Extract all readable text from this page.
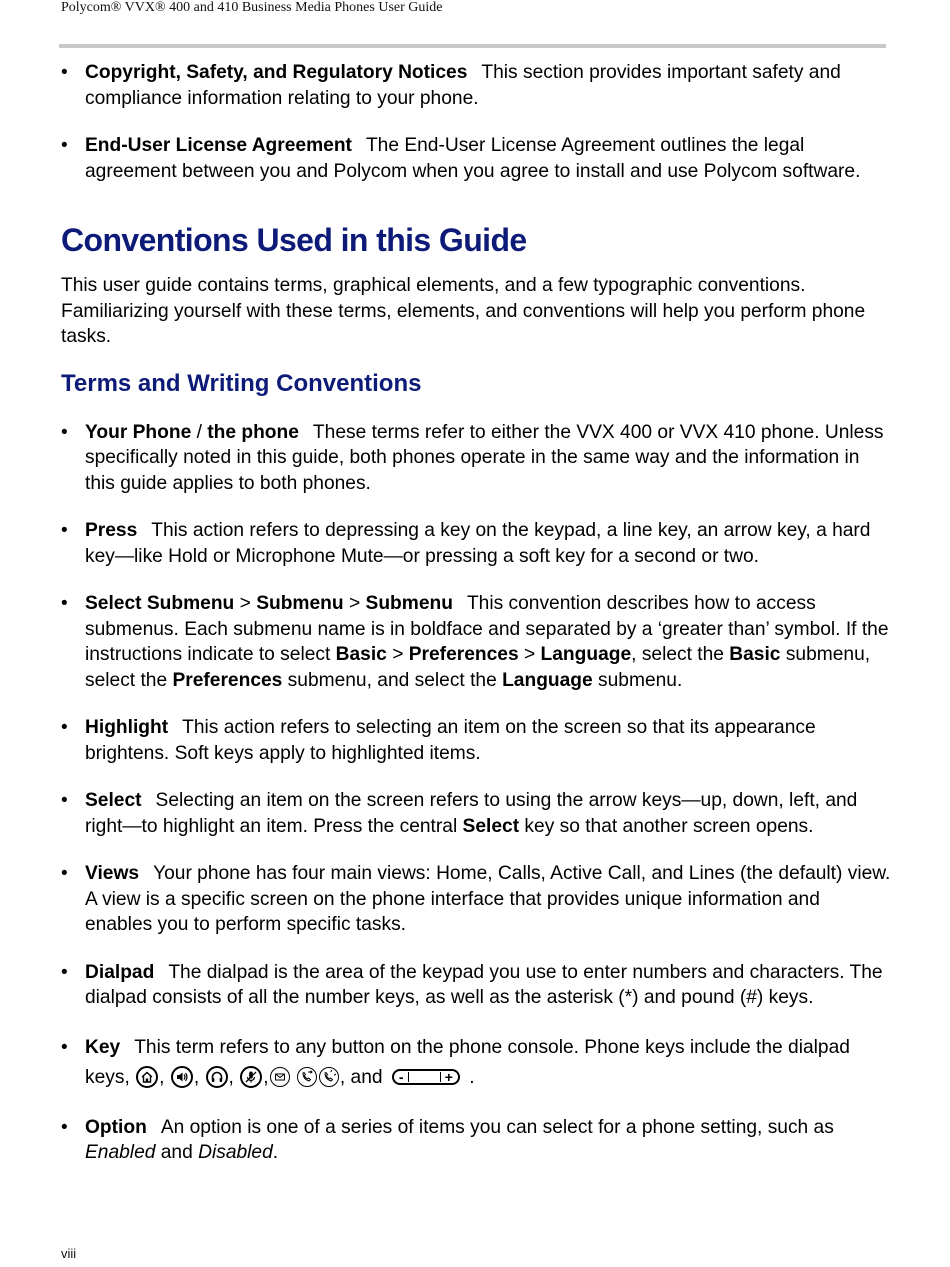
Polycom® VVX® 400 and 410 Business Media Phones User Guide
• Copyright, Safety, and Regulatory Notices This section provides important safety and compliance information relating to your phone.
• End-User License Agreement The End-User License Agreement outlines the legal agreement between you and Polycom when you agree to install and use Polycom software.
Conventions Used in this Guide

This user guide contains terms, graphical elements, and a few typographic conventions. Familiarizing yourself with these terms, elements, and conventions will help you perform phone tasks.

Terms and Writing Conventions
• Your Phone / the phone These terms refer to either the VVX 400 or VVX 410 phone. Unless specifically noted in this guide, both phones operate in the same way and the information in this guide applies to both phones.
• Press This action refers to depressing a key on the keypad, a line key, an arrow key, a hard key—like Hold or Microphone Mute—or pressing a soft key for a second or two.
• Select Submenu > Submenu > Submenu This convention describes how to access submenus. Each submenu name is in boldface and separated by a ‘greater than’ symbol. If the instructions indicate to select Basic > Preferences > Language, select the Basic submenu, select the Preferences submenu, and select the Language submenu.
• Highlight This action refers to selecting an item on the screen so that its appearance brightens. Soft keys apply to highlighted items.
• Select Selecting an item on the screen refers to using the arrow keys—up, down, left, and right—to highlight an item. Press the central Select key so that another screen opens.
• Views Your phone has four main views: Home, Calls, Active Call, and Lines (the default) view. A view is a specific screen on the phone interface that provides unique information and enables you to perform specific tasks.
• Dialpad The dialpad is the area of the keypad you use to enter numbers and characters. The dialpad consists of all the number keys, as well as the asterisk (*) and pound (#) keys.
• Key This term refers to any button on the phone console. Phone keys include the dialpad keys,
, , , ,
	, and -	+ .
• Option An option is one of a series of items you can select for a phone setting, such as Enabled and Disabled.
viii
